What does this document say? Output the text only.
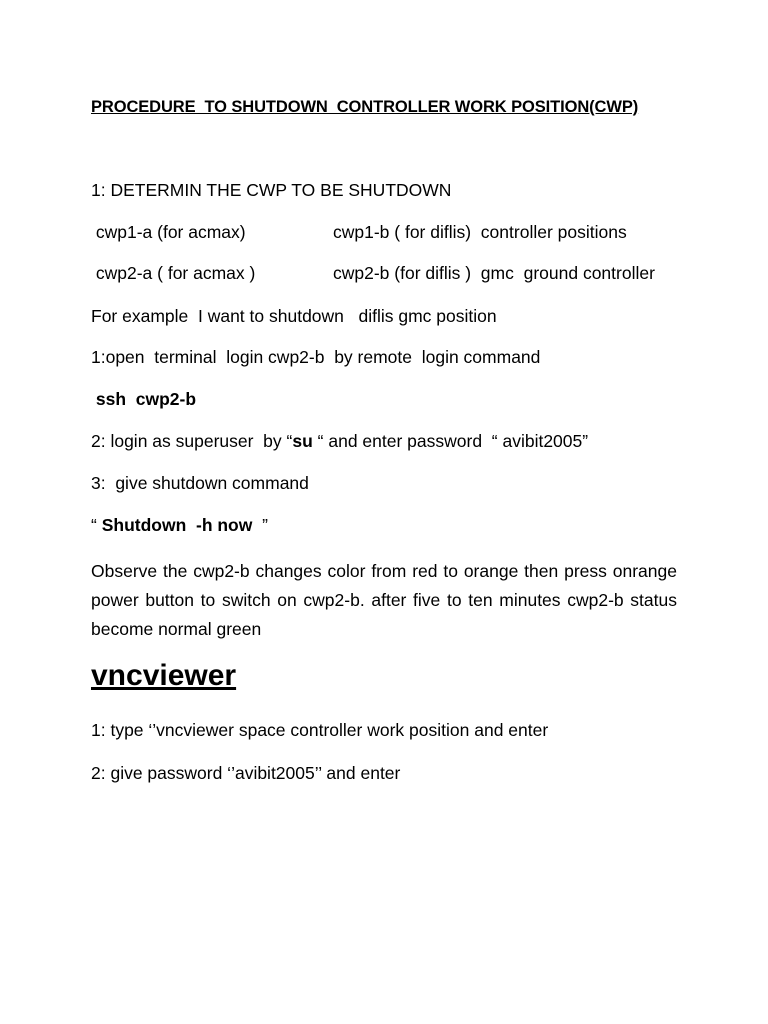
PROCEDURE  TO SHUTDOWN  CONTROLLER WORK POSITION(CWP)
1: DETERMIN THE CWP TO BE SHUTDOWN
cwp1-a (for acmax)	cwp1-b ( for diflis)  controller positions
cwp2-a ( for acmax )	cwp2-b (for diflis )  gmc  ground controller
For example  I want to shutdown   diflis gmc position
1:open  terminal  login cwp2-b  by remote  login command
ssh  cwp2-b
2: login as superuser  by “su “ and enter password  “ avibit2005”
3:  give shutdown command
“ Shutdown  -h now  ”
Observe the cwp2-b changes color from red to orange then press onrange power button to switch on cwp2-b. after five to ten minutes cwp2-b status become normal green
vncviewer
1: type ‘’vncviewer space controller work position and enter
2: give password ‘’avibit2005’’ and enter
